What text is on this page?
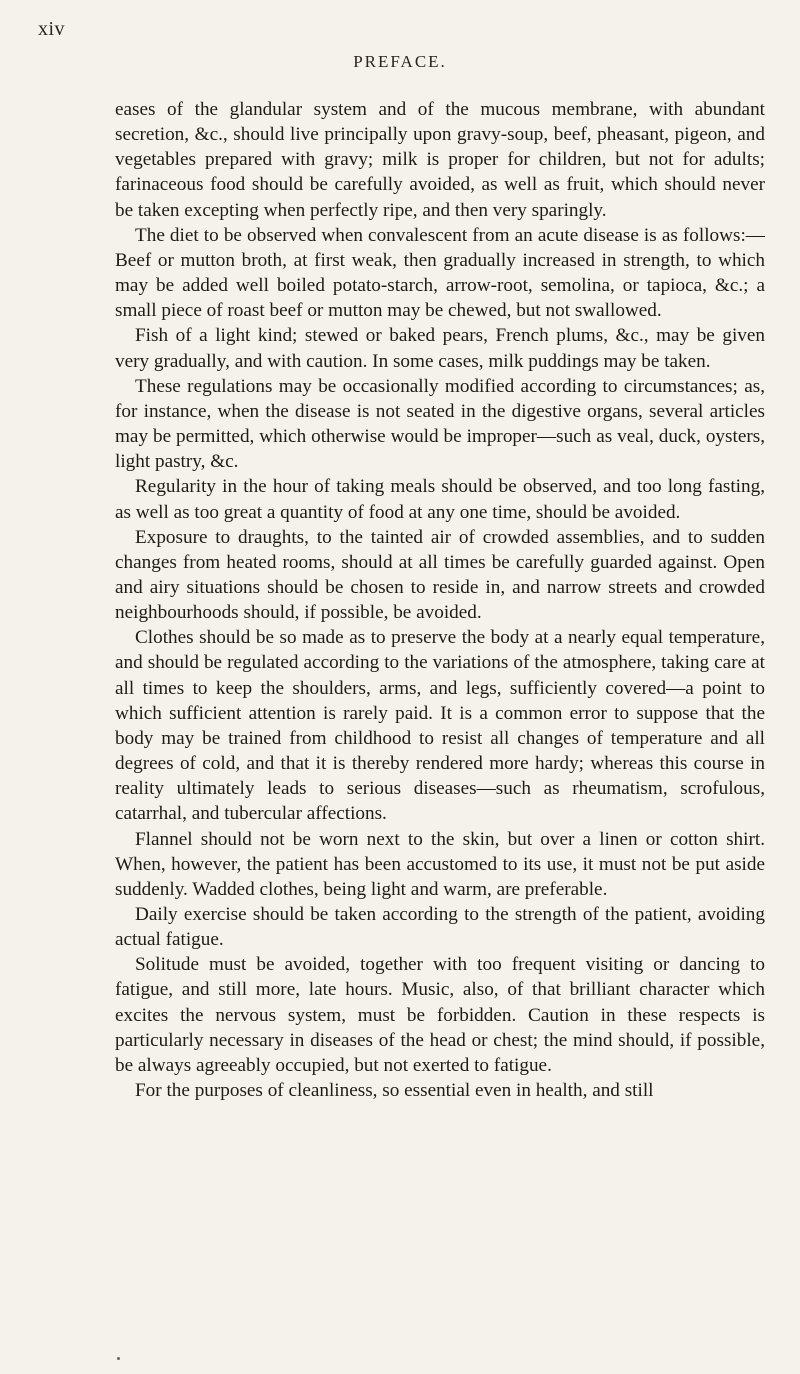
xiv
PREFACE.

eases of the glandular system and of the mucous membrane, with abundant secretion, &c., should live principally upon gravy-soup, beef, pheasant, pigeon, and vegetables prepared with gravy; milk is proper for children, but not for adults; farinaceous food should be carefully avoided, as well as fruit, which should never be taken excepting when perfectly ripe, and then very sparingly.

The diet to be observed when convalescent from an acute disease is as follows:—Beef or mutton broth, at first weak, then gradually increased in strength, to which may be added well boiled potato-starch, arrow-root, semolina, or tapioca, &c.; a small piece of roast beef or mutton may be chewed, but not swallowed.

Fish of a light kind; stewed or baked pears, French plums, &c., may be given very gradually, and with caution. In some cases, milk puddings may be taken.

These regulations may be occasionally modified according to circumstances; as, for instance, when the disease is not seated in the digestive organs, several articles may be permitted, which otherwise would be improper—such as veal, duck, oysters, light pastry, &c.

Regularity in the hour of taking meals should be observed, and too long fasting, as well as too great a quantity of food at any one time, should be avoided.

Exposure to draughts, to the tainted air of crowded assemblies, and to sudden changes from heated rooms, should at all times be carefully guarded against. Open and airy situations should be chosen to reside in, and narrow streets and crowded neighbourhoods should, if possible, be avoided.

Clothes should be so made as to preserve the body at a nearly equal temperature, and should be regulated according to the variations of the atmosphere, taking care at all times to keep the shoulders, arms, and legs, sufficiently covered—a point to which sufficient attention is rarely paid. It is a common error to suppose that the body may be trained from childhood to resist all changes of temperature and all degrees of cold, and that it is thereby rendered more hardy; whereas this course in reality ultimately leads to serious diseases—such as rheumatism, scrofulous, catarrhal, and tubercular affections.

Flannel should not be worn next to the skin, but over a linen or cotton shirt. When, however, the patient has been accustomed to its use, it must not be put aside suddenly. Wadded clothes, being light and warm, are preferable.

Daily exercise should be taken according to the strength of the patient, avoiding actual fatigue.

Solitude must be avoided, together with too frequent visiting or dancing to fatigue, and still more, late hours. Music, also, of that brilliant character which excites the nervous system, must be forbidden. Caution in these respects is particularly necessary in diseases of the head or chest; the mind should, if possible, be always agreeably occupied, but not exerted to fatigue.

For the purposes of cleanliness, so essential even in health, and still
